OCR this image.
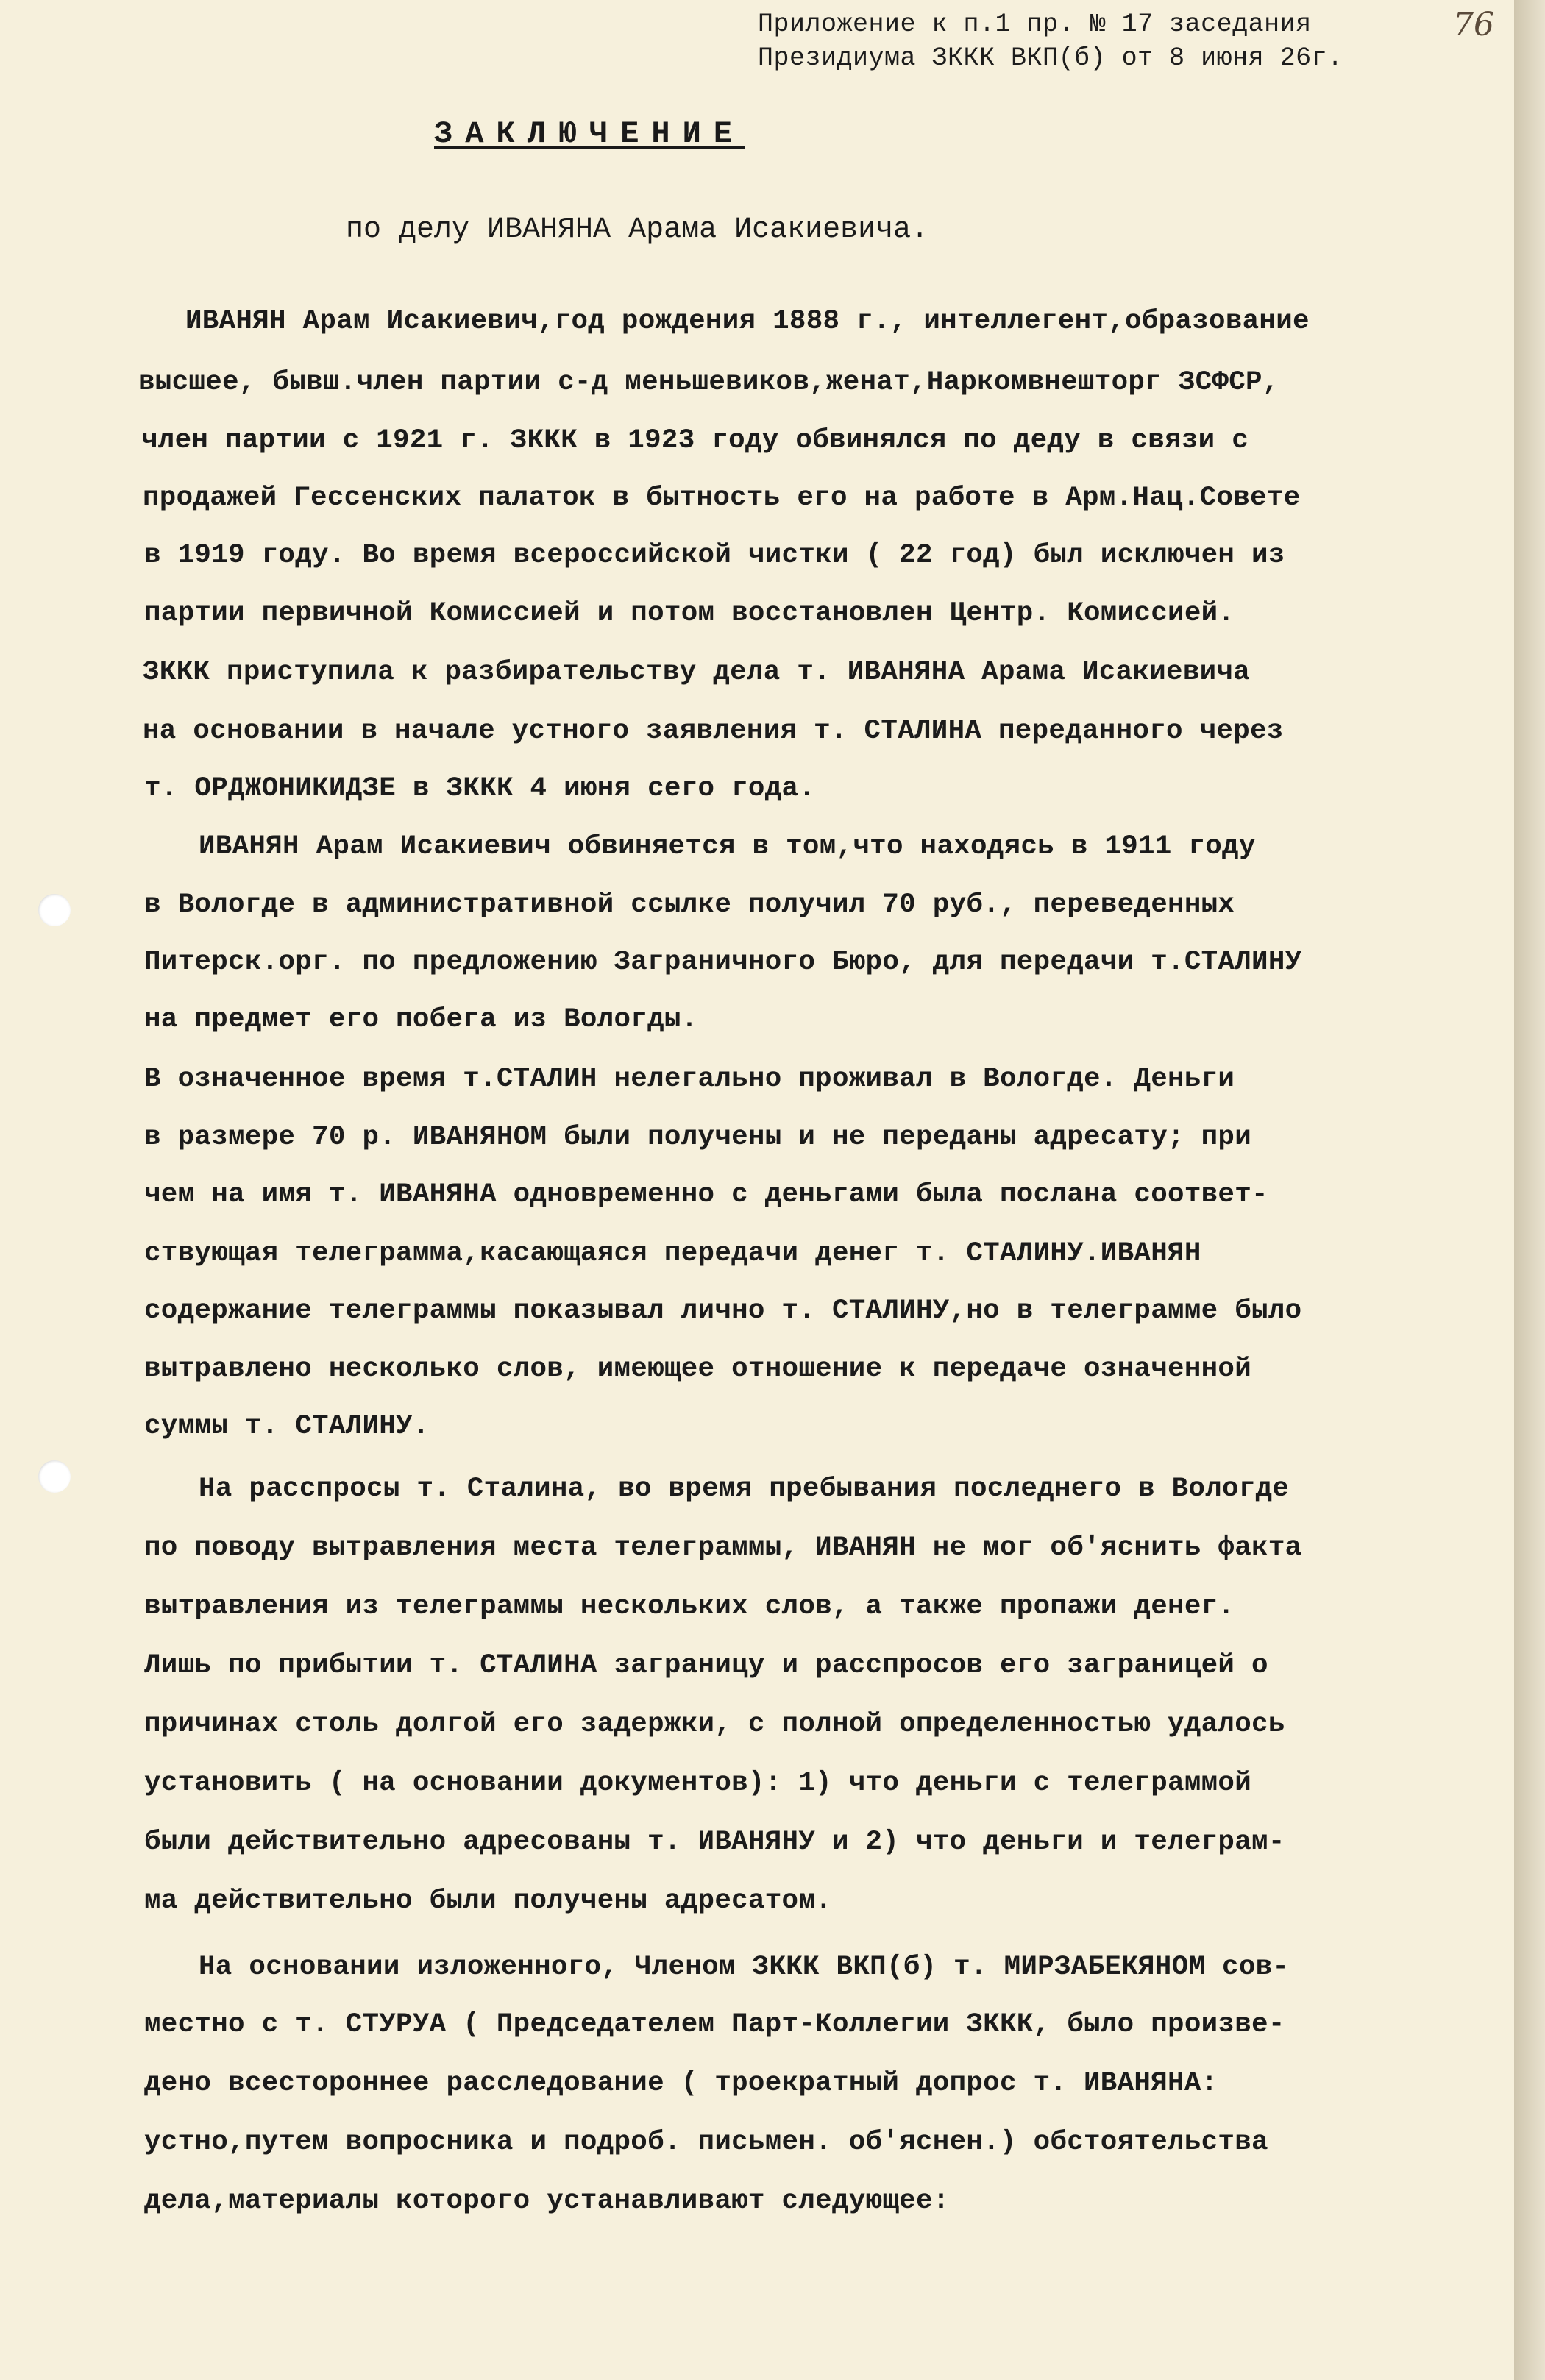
Приложение к п.1 пр. № 17 заседания
Президиума ЗККК ВКП(б) от 8 июня 26г.
76
ЗАКЛЮЧЕНИЕ
по делу ИВАНЯНА Арама Исакиевича.
ИВАНЯН Арам Исакиевич,год рождения 1888 г., интеллегент,образование
высшее, бывш.член партии с-д меньшевиков,женат,Наркомвнешторг ЗСФСР,
член партии с 1921 г. ЗККК в 1923 году обвинялся по деду в связи с
продажей Гессенских палаток в бытность его на работе в Арм.Нац.Совете
в 1919 году. Во время всероссийской чистки ( 22 год) был исключен из
партии первичной Комиссией и потом восстановлен Центр. Комиссией.
ЗККК приступила к разбирательству дела т. ИВАНЯНА Арама Исакиевича
на основании в начале устного заявления т. СТАЛИНА переданного через
т. ОРДЖОНИКИДЗЕ в ЗККК 4 июня сего года.
ИВАНЯН Арам Исакиевич обвиняется в том,что находясь в 1911 году
в Вологде в административной ссылке получил 70 руб., переведенных
Питерск.орг. по предложению Заграничного Бюро, для передачи т.СТАЛИНУ
на предмет его побега из Вологды.
В означенное время т.СТАЛИН нелегально проживал в Вологде. Деньги
в размере 70 р. ИВАНЯНОМ были получены и не переданы адресату; при
чем на имя т. ИВАНЯНА одновременно с деньгами была послана соответ-
ствующая телеграмма,касающаяся передачи денег т. СТАЛИНУ.ИВАНЯН
содержание телеграммы показывал лично т. СТАЛИНУ,но в телеграмме было
вытравлено несколько слов, имеющее отношение к передаче означенной
суммы т. СТАЛИНУ.
На расспросы т. Сталина, во время пребывания последнего в Вологде
по поводу вытравления места телеграммы, ИВАНЯН не мог об'яснить факта
вытравления из телеграммы нескольких слов, а также пропажи денег.
Лишь по прибытии т. СТАЛИНА заграницу и расспросов его заграницей о
причинах столь долгой его задержки, с полной определенностью удалось
установить ( на основании документов): 1) что деньги с телеграммой
были действительно адресованы т. ИВАНЯНУ и 2) что деньги и телеграм-
ма действительно были получены адресатом.
На основании изложенного, Членом ЗККК ВКП(б) т. МИРЗАБЕКЯНОМ сов-
местно с т. СТУРУА ( Председателем Парт-Коллегии ЗККК, было произве-
дено всестороннее расследование ( троекратный допрос т. ИВАНЯНА:
устно,путем вопросника и подроб. письмен. об'яснен.) обстоятельства
дела,материалы которого устанавливают следующее:
